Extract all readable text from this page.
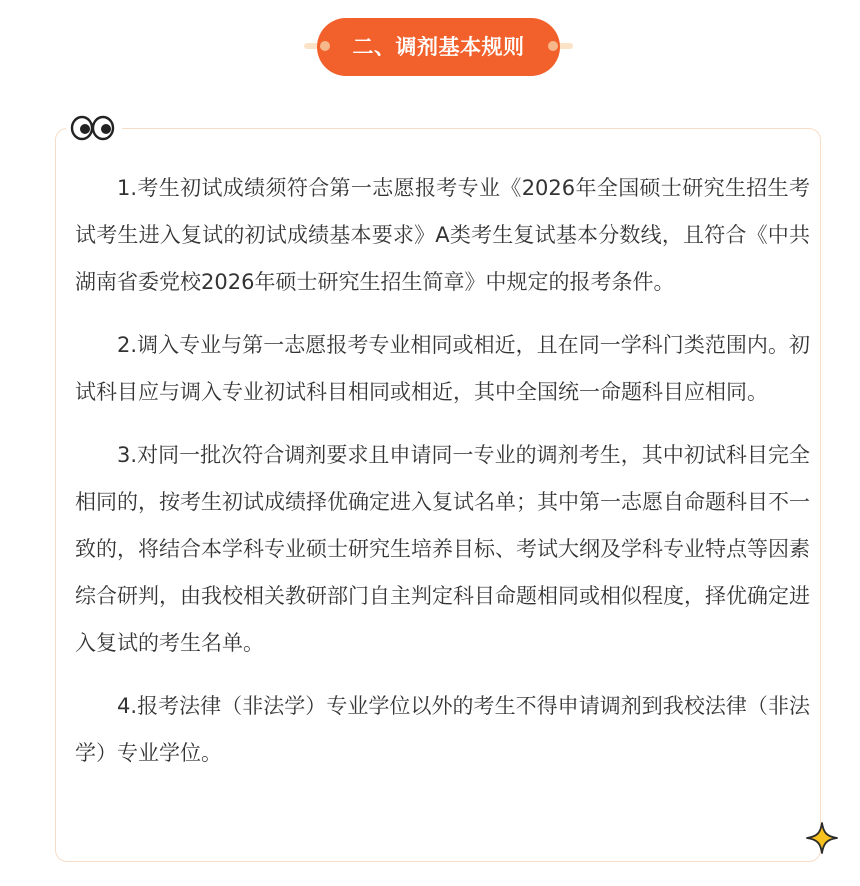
二、调剂基本规则

1.考生初试成绩须符合第一志愿报考专业《2026年全国硕士研究生招生考试考生进入复试的初试成绩基本要求》A类考生复试基本分数线，且符合《中共湖南省委党校2026年硕士研究生招生简章》中规定的报考条件。

2.调入专业与第一志愿报考专业相同或相近，且在同一学科门类范围内。初试科目应与调入专业初试科目相同或相近，其中全国统一命题科目应相同。

3.对同一批次符合调剂要求且申请同一专业的调剂考生，其中初试科目完全相同的，按考生初试成绩择优确定进入复试名单；其中第一志愿自命题科目不一致的，将结合本学科专业硕士研究生培养目标、考试大纲及学科专业特点等因素综合研判，由我校相关教研部门自主判定科目命题相同或相似程度，择优确定进入复试的考生名单。

4.报考法律（非法学）专业学位以外的考生不得申请调剂到我校法律（非法学）专业学位。
